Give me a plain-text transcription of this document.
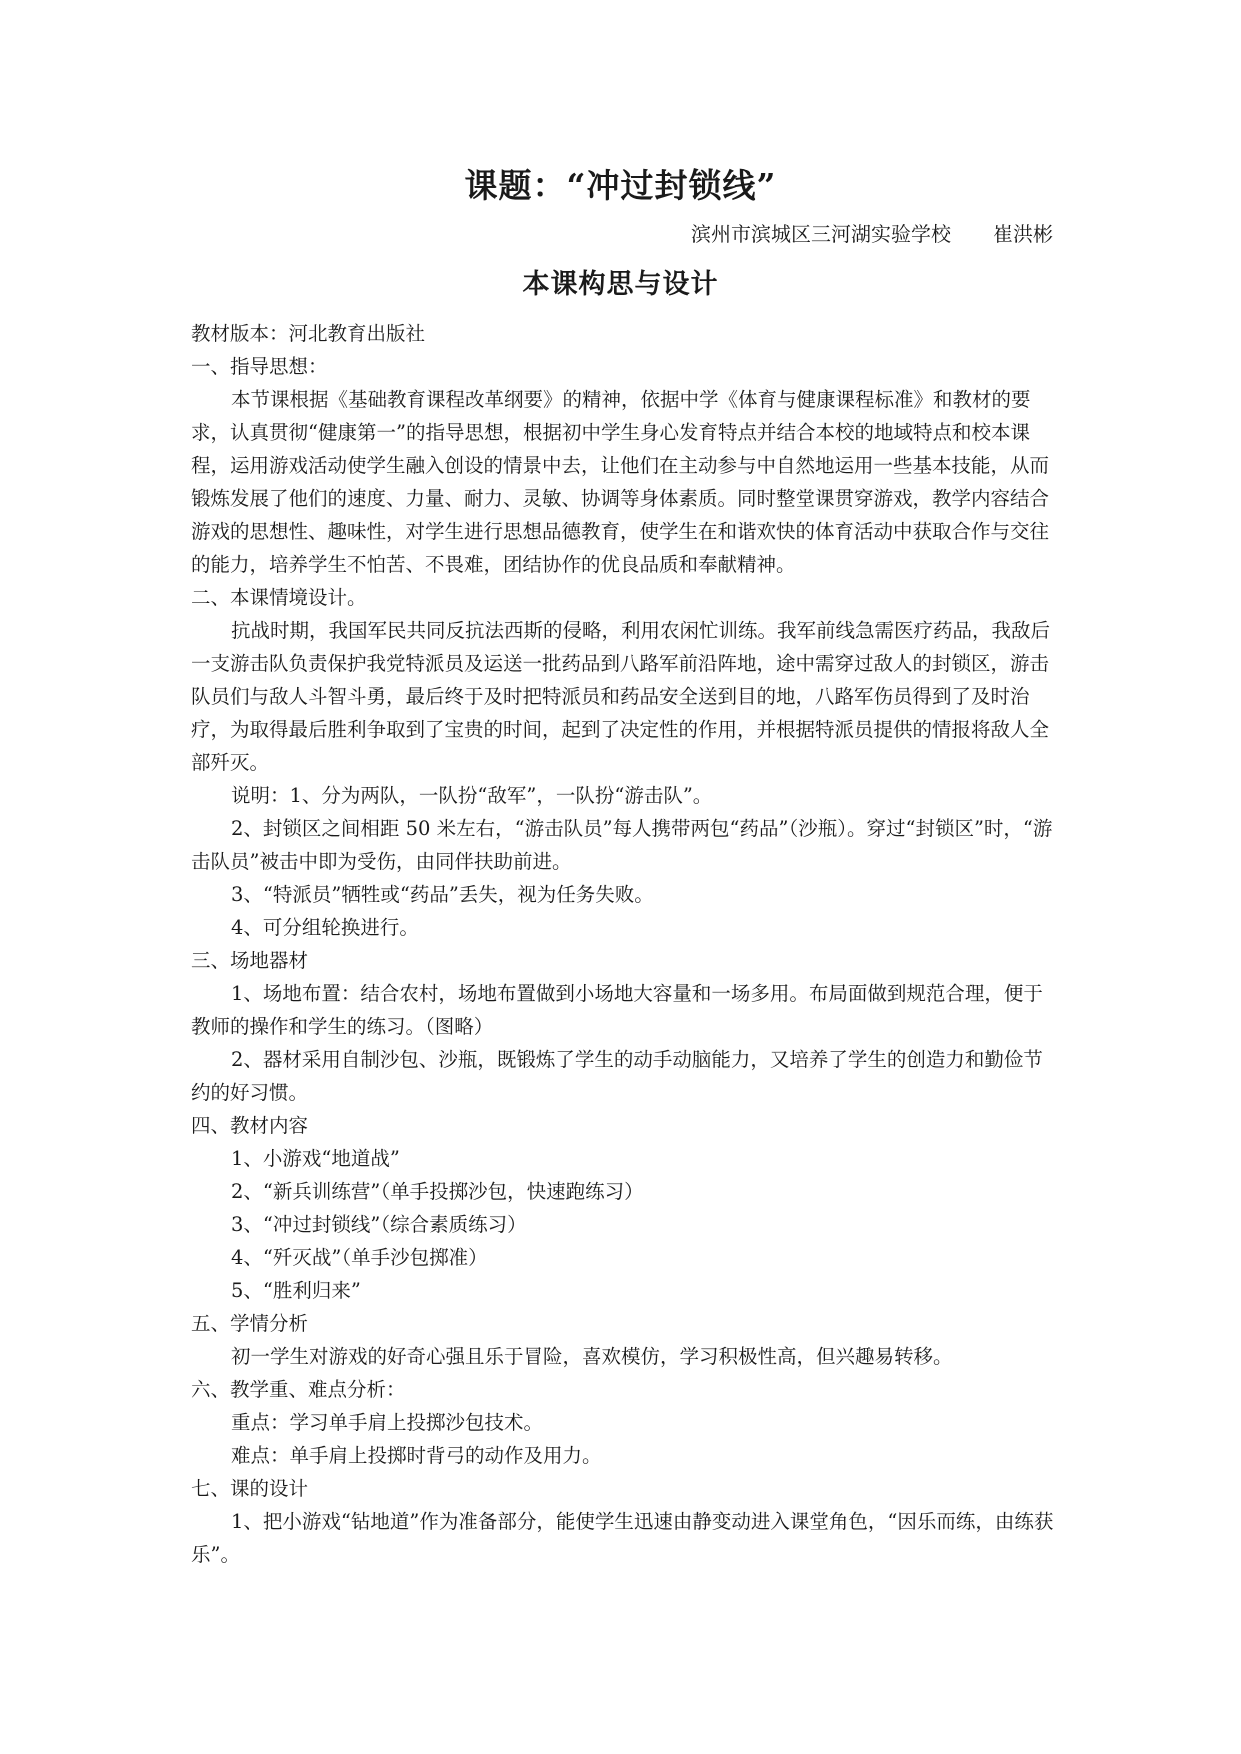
课题：“冲过封锁线”
滨州市滨城区三河湖实验学校 崔洪彬
本课构思与设计

教材版本：河北教育出版社

一、指导思想：

本节课根据《基础教育课程改革纲要》的精神，依据中学《体育与健康课程标准》和教材的要求，认真贯彻“健康第一”的指导思想，根据初中学生身心发育特点并结合本校的地域特点和校本课程，运用游戏活动使学生融入创设的情景中去，让他们在主动参与中自然地运用一些基本技能，从而锻炼发展了他们的速度、力量、耐力、灵敏、协调等身体素质。同时整堂课贯穿游戏，教学内容结合游戏的思想性、趣味性，对学生进行思想品德教育，使学生在和谐欢快的体育活动中获取合作与交往的能力，培养学生不怕苦、不畏难，团结协作的优良品质和奉献精神。

二、本课情境设计。

抗战时期，我国军民共同反抗法西斯的侵略，利用农闲忙训练。我军前线急需医疗药品，我敌后一支游击队负责保护我党特派员及运送一批药品到八路军前沿阵地，途中需穿过敌人的封锁区，游击队员们与敌人斗智斗勇，最后终于及时把特派员和药品安全送到目的地，八路军伤员得到了及时治疗，为取得最后胜利争取到了宝贵的时间，起到了决定性的作用，并根据特派员提供的情报将敌人全部歼灭。

说明：1、分为两队，一队扮“敌军”，一队扮“游击队”。

2、封锁区之间相距 50 米左右，“游击队员”每人携带两包“药品”（沙瓶）。穿过“封锁区”时，“游击队员”被击中即为受伤，由同伴扶助前进。

3、“特派员”牺牲或“药品”丢失，视为任务失败。

4、可分组轮换进行。

三、场地器材

1、场地布置：结合农村，场地布置做到小场地大容量和一场多用。布局面做到规范合理，便于教师的操作和学生的练习。（图略）

2、器材采用自制沙包、沙瓶，既锻炼了学生的动手动脑能力，又培养了学生的创造力和勤俭节约的好习惯。

四、教材内容

1、小游戏“地道战”

2、“新兵训练营”（单手投掷沙包，快速跑练习）

3、“冲过封锁线”（综合素质练习）

4、“歼灭战”（单手沙包掷准）

5、“胜利归来”

五、学情分析

初一学生对游戏的好奇心强且乐于冒险，喜欢模仿，学习积极性高，但兴趣易转移。

六、教学重、难点分析：

重点：学习单手肩上投掷沙包技术。

难点：单手肩上投掷时背弓的动作及用力。

七、课的设计

1、把小游戏“钻地道”作为准备部分，能使学生迅速由静变动进入课堂角色，“因乐而练，由练获乐”。
